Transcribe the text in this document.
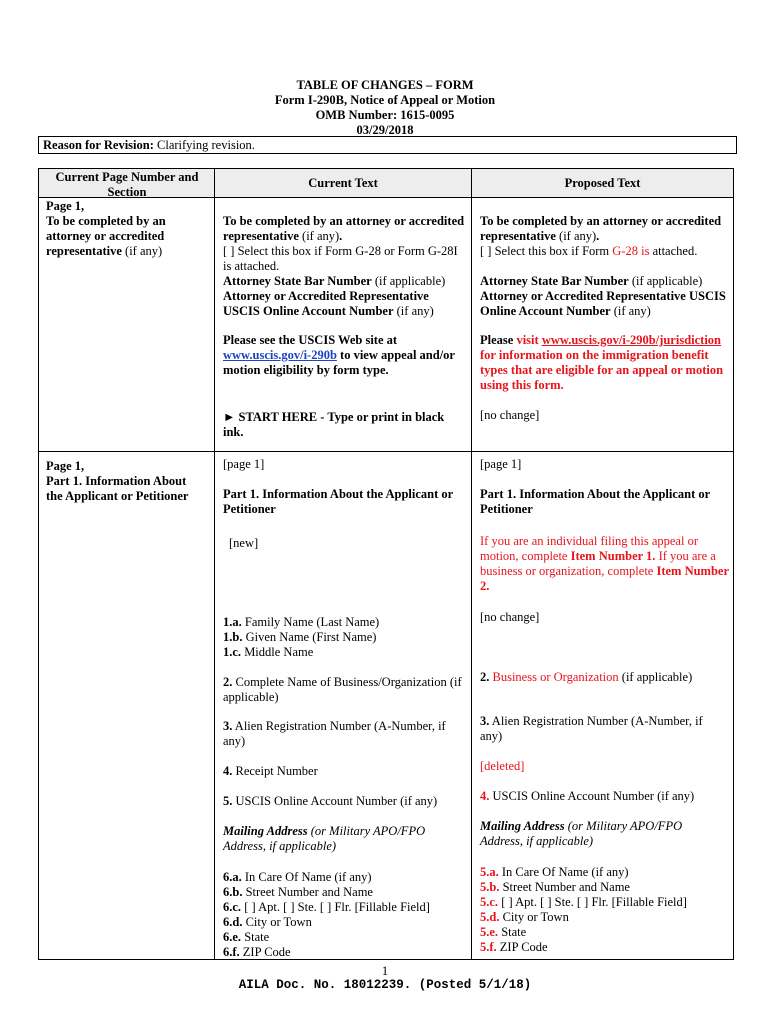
TABLE OF CHANGES – FORM
Form I-290B, Notice of Appeal or Motion
OMB Number: 1615-0095
03/29/2018
Reason for Revision: Clarifying revision.
Current Page Number and Section
Current Text	Proposed Text
Page 1,
To be completed by an attorney or accredited representative (if any)
To be completed by an attorney or accredited representative (if any).
[ ] Select this box if Form G-28 or Form G-28I is attached.
Attorney State Bar Number (if applicable)
Attorney or Accredited Representative USCIS Online Account Number (if any)
Please see the USCIS Web site at www.uscis.gov/i-290b to view appeal and/or motion eligibility by form type.
► START HERE - Type or print in black ink.
To be completed by an attorney or accredited representative (if any).
[ ] Select this box if Form G-28 is attached.

Attorney State Bar Number (if applicable)
Attorney or Accredited Representative USCIS Online Account Number (if any)
Please visit www.uscis.gov/i-290b/jurisdiction for information on the immigration benefit types that are eligible for an appeal or motion using this form.
[no change]
Page 1,
Part 1. Information About the Applicant or Petitioner
[page 1]
Part 1. Information About the Applicant or Petitioner
[new]
1.a. Family Name (Last Name)
1.b. Given Name (First Name)
1.c. Middle Name
2. Complete Name of Business/Organization (if applicable)
3. Alien Registration Number (A-Number, if any)
4. Receipt Number
5. USCIS Online Account Number (if any)
Mailing Address (or Military APO/FPO Address, if applicable)
6.a. In Care Of Name (if any)
6.b. Street Number and Name
6.c. [ ] Apt. [ ] Ste. [ ] Flr. [Fillable Field]
6.d. City or Town
6.e. State
6.f. ZIP Code
[page 1]
Part 1. Information About the Applicant or Petitioner
If you are an individual filing this appeal or motion, complete Item Number 1. If you are a business or organization, complete Item Number 2.
[no change]
2. Business or Organization (if applicable)
3. Alien Registration Number (A-Number, if any)
[deleted]
4. USCIS Online Account Number (if any)
Mailing Address (or Military APO/FPO Address, if applicable)
5.a. In Care Of Name (if any)
5.b. Street Number and Name
5.c. [ ] Apt. [ ] Ste. [ ] Flr. [Fillable Field]
5.d. City or Town
5.e. State
5.f. ZIP Code
1
AILA Doc. No. 18012239. (Posted 5/1/18)
